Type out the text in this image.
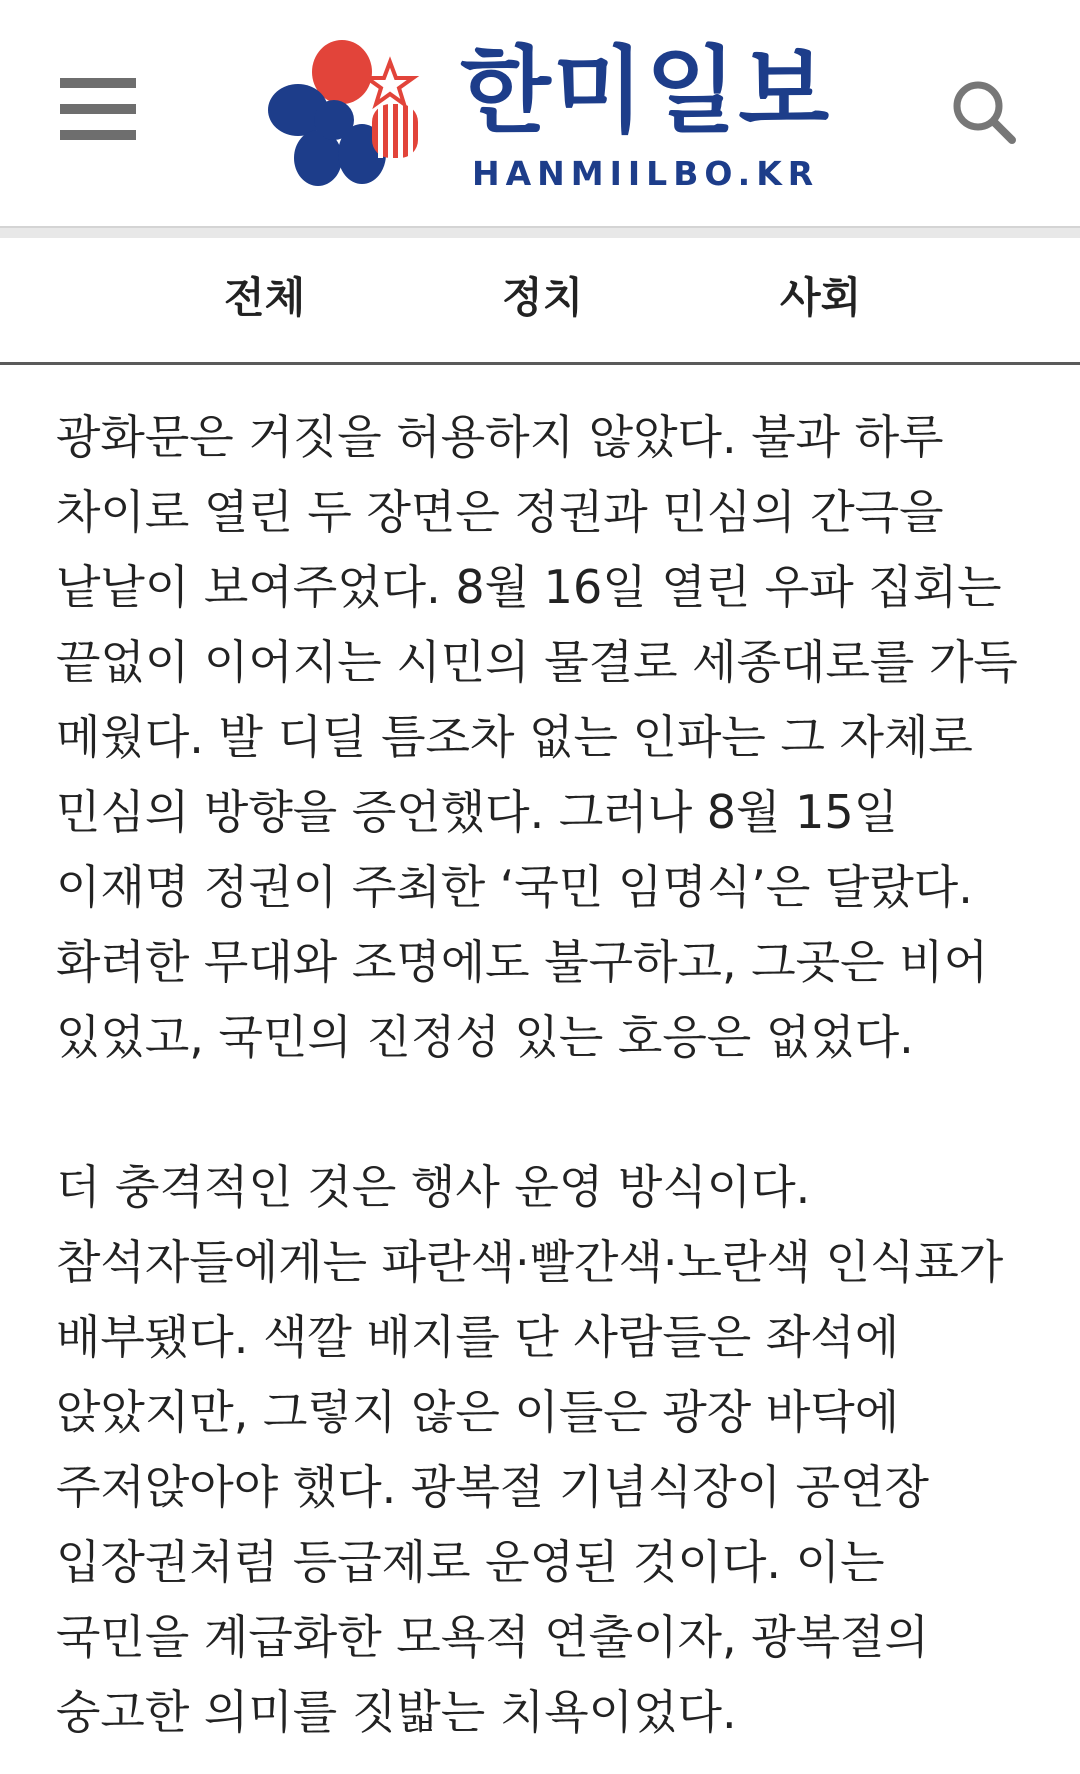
한미일보
HANMIILBO.KR
전체	정치	사회

광화문은 거짓을 허용하지 않았다. 불과 하루 차이로 열린 두 장면은 정권과 민심의 간극을 낱낱이 보여주었다. 8월 16일 열린 우파 집회는 끝없이 이어지는 시민의 물결로 세종대로를 가득 메웠다. 발 디딜 틈조차 없는 인파는 그 자체로 민심의 방향을 증언했다. 그러나 8월 15일 이재명 정권이 주최한 ‘국민 임명식’은 달랐다. 화려한 무대와 조명에도 불구하고, 그곳은 비어 있었고, 국민의 진정성 있는 호응은 없었다.

더 충격적인 것은 행사 운영 방식이다. 참석자들에게는 파란색·빨간색·노란색 인식표가 배부됐다. 색깔 배지를 단 사람들은 좌석에 앉았지만, 그렇지 않은 이들은 광장 바닥에 주저앉아야 했다. 광복절 기념식장이 공연장 입장권처럼 등급제로 운영된 것이다. 이는 국민을 계급화한 모욕적 연출이자, 광복절의 숭고한 의미를 짓밟는 치욕이었다.
